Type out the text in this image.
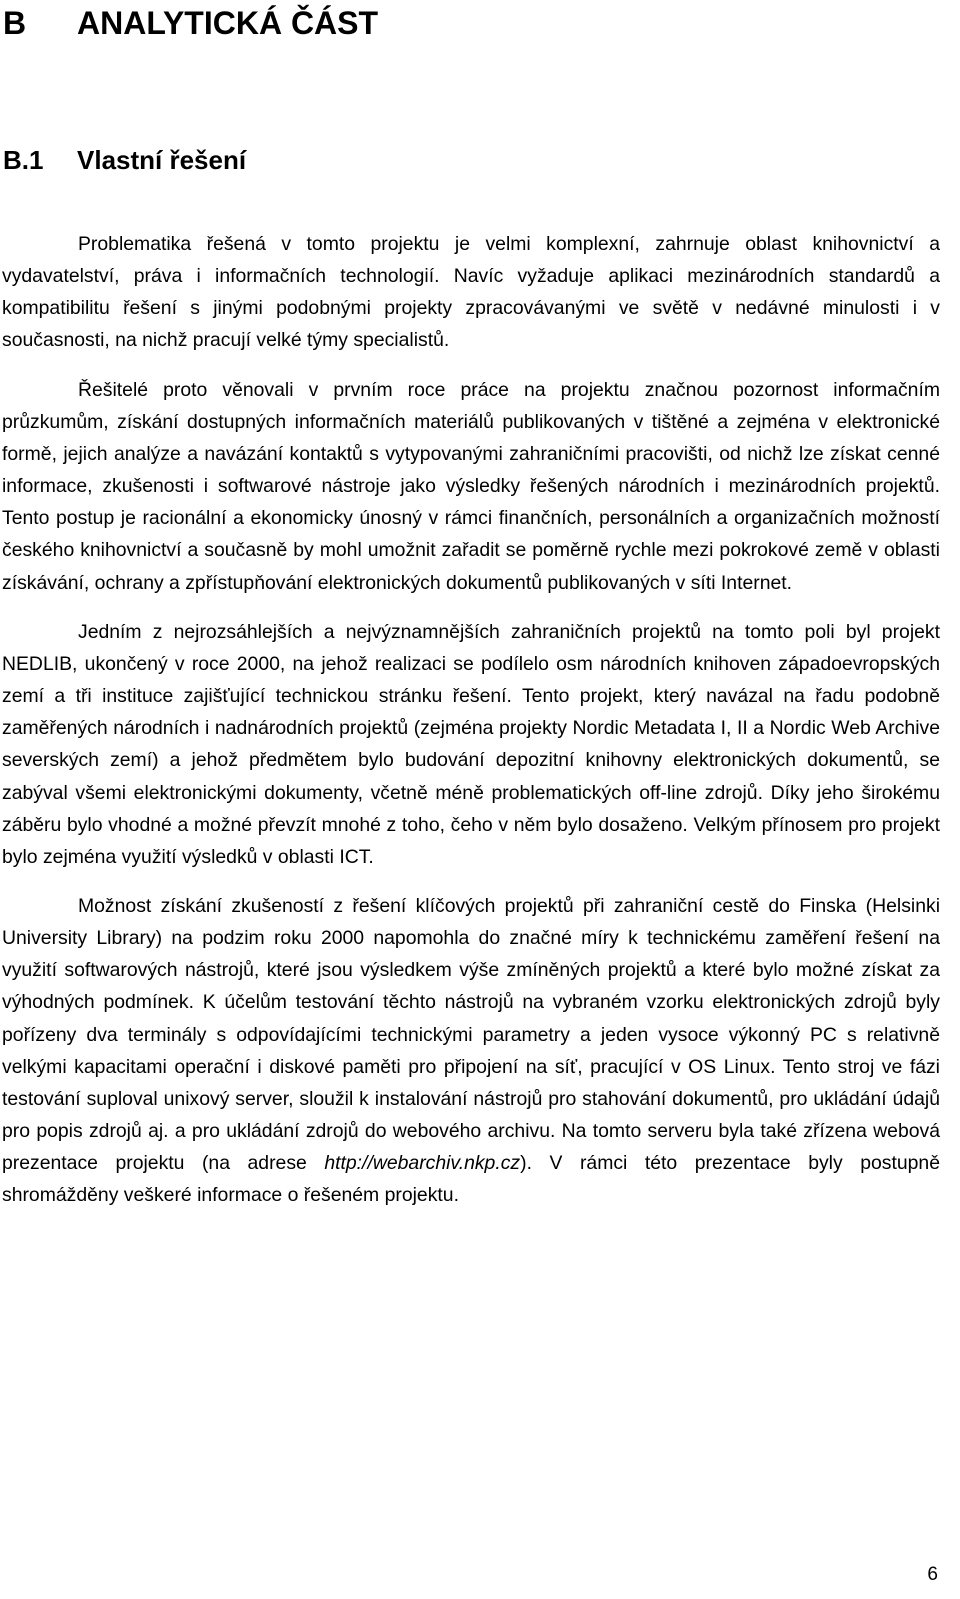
B ANALYTICKÁ ČÁST
B.1 Vlastní řešení

Problematika řešená v tomto projektu je velmi komplexní, zahrnuje oblast knihovnictví a vydavatelství, práva i informačních technologií. Navíc vyžaduje aplikaci mezinárodních standardů a kompatibilitu řešení s jinými podobnými projekty zpracovávanými ve světě v nedávné minulosti i v současnosti, na nichž pracují velké týmy specialistů.

Řešitelé proto věnovali v prvním roce práce na projektu značnou pozornost informačním průzkumům, získání dostupných informačních materiálů publikovaných v tištěné a zejména v elektronické formě, jejich analýze a navázání kontaktů s vytypovanými zahraničními pracovišti, od nichž lze získat cenné informace, zkušenosti i softwarové nástroje jako výsledky řešených národních i mezinárodních projektů. Tento postup je racionální a ekonomicky únosný v rámci finančních, personálních a organizačních možností českého knihovnictví a současně by mohl umožnit zařadit se poměrně rychle mezi pokrokové země v oblasti získávání, ochrany a zpřístupňování elektronických dokumentů publikovaných v síti Internet.

Jedním z nejrozsáhlejších a nejvýznamnějších zahraničních projektů na tomto poli byl projekt NEDLIB, ukončený v roce 2000, na jehož realizaci se podílelo osm národních knihoven západoevropských zemí a tři instituce zajišťující technickou stránku řešení. Tento projekt, který navázal na řadu podobně zaměřených národních i nadnárodních projektů (zejména projekty Nordic Metadata I, II a Nordic Web Archive severských zemí) a jehož předmětem bylo budování depozitní knihovny elektronických dokumentů, se zabýval všemi elektronickými dokumenty, včetně méně problematických off-line zdrojů. Díky jeho širokému záběru bylo vhodné a možné převzít mnohé z toho, čeho v něm bylo dosaženo. Velkým přínosem pro projekt bylo zejména využití výsledků v oblasti ICT.

Možnost získání zkušeností z řešení klíčových projektů při zahraniční cestě do Finska (Helsinki University Library) na podzim roku 2000 napomohla do značné míry k technickému zaměření řešení na využití softwarových nástrojů, které jsou výsledkem výše zmíněných projektů a které bylo možné získat za výhodných podmínek. K účelům testování těchto nástrojů na vybraném vzorku elektronických zdrojů byly pořízeny dva terminály s odpovídajícími technickými parametry a jeden vysoce výkonný PC s relativně velkými kapacitami operační i diskové paměti pro připojení na síť, pracující v OS Linux. Tento stroj ve fázi testování suploval unixový server, sloužil k instalování nástrojů pro stahování dokumentů, pro ukládání údajů pro popis zdrojů aj. a pro ukládání zdrojů do webového archivu. Na tomto serveru byla také zřízena webová prezentace projektu (na adrese http://webarchiv.nkp.cz). V rámci této prezentace byly postupně shromážděny veškeré informace o řešeném projektu.

6
